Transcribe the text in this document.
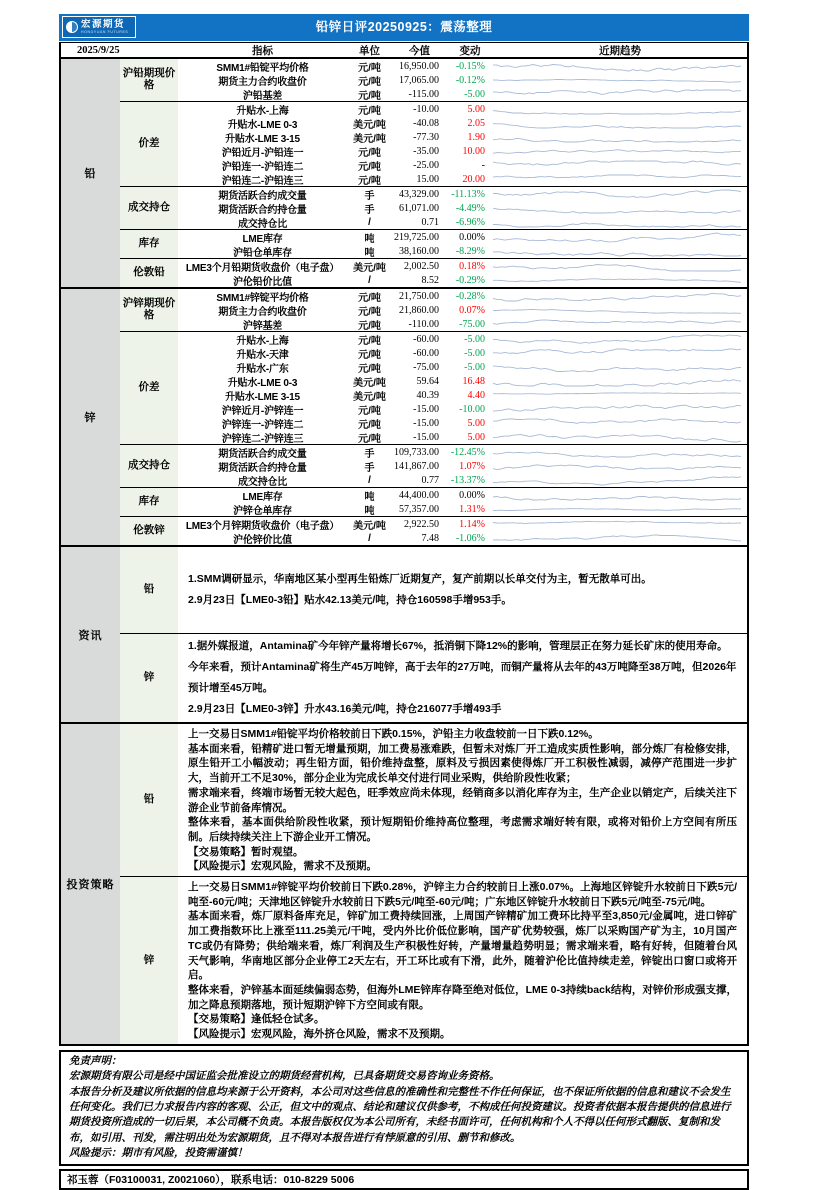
宏源期货
HONGYUAN FUTURES	铅锌日评20250925：震荡整理
2025/9/25	指标	单位	今值	变动	近期趋势
铅
沪铅期现价格
SMM1#铅锭平均价格	元/吨	16,950.00	-0.15%
期货主力合约收盘价	元/吨	17,065.00	-0.12%
沪铅基差	元/吨	-115.00	-5.00
价差
升贴水-上海	元/吨	-10.00	5.00
升贴水-LME 0-3	美元/吨	-40.08	2.05
升贴水-LME 3-15	美元/吨	-77.30	1.90
沪铅近月-沪铅连一	元/吨	-35.00	10.00
沪铅连一-沪铅连二	元/吨	-25.00	-
沪铅连二-沪铅连三	元/吨	15.00	20.00
成交持仓
期货活跃合约成交量	手	43,329.00	-11.13%
期货活跃合约持仓量	手	61,071.00	-4.49%
成交持仓比	/	0.71	-6.96%
库存	LME库存	吨	219,725.00	0.00%
沪铅仓单库存	吨	38,160.00	-8.29%
伦敦铅	LME3个月铅期货收盘价（电子盘）	美元/吨	2,002.50	0.18%
沪伦铅价比值	/	8.52	-0.29%
锌
沪锌期现价格
SMM1#锌锭平均价格	元/吨	21,750.00	-0.28%
期货主力合约收盘价	元/吨	21,860.00	0.07%
沪锌基差	元/吨	-110.00	-75.00
价差
升贴水-上海	元/吨	-60.00	-5.00
升贴水-天津	元/吨	-60.00	-5.00
升贴水-广东	元/吨	-75.00	-5.00
升贴水-LME 0-3	美元/吨	59.64	16.48
升贴水-LME 3-15	美元/吨	40.39	4.40
沪锌近月-沪锌连一	元/吨	-15.00	-10.00
沪锌连一-沪锌连二	元/吨	-15.00	5.00
沪锌连二-沪锌连三	元/吨	-15.00	5.00
成交持仓
期货活跃合约成交量	手	109,733.00	-12.45%
期货活跃合约持仓量	手	141,867.00	1.07%
成交持仓比	/	0.77	-13.37%
库存	LME库存	吨	44,400.00	0.00%
沪锌仓单库存	吨	57,357.00	1.31%
伦敦锌	LME3个月锌期货收盘价（电子盘）	美元/吨	2,922.50	1.14%
沪伦锌价比值	/	7.48	-1.06%
资讯
铅
1.SMM调研显示，华南地区某小型再生铅炼厂近期复产，复产前期以长单交付为主，暂无散单可出。
2.9月23日【LME0-3铅】贴水42.13美元/吨，持仓160598手增953手。
锌
1.据外媒报道，Antamina矿今年锌产量将增长67%，抵消铜下降12%的影响，管理层正在努力延长矿床的使用寿命。今年来看，预计Antamina矿将生产45万吨锌，高于去年的27万吨，而铜产量将从去年的43万吨降至38万吨，但2026年预计增至45万吨。
2.9月23日【LME0-3锌】升水43.16美元/吨，持仓216077手增493手
投资策略
铅
上一交易日SMM1#铅锭平均价格较前日下跌0.15%，沪铅主力收盘较前一日下跌0.12%。
基本面来看，铅精矿进口暂无增量预期，加工费易涨难跌，但暂未对炼厂开工造成实质性影响，部分炼厂有检修安排，原生铅开工小幅波动；再生铅方面，铅价维持盘整，原料及亏损因素使得炼厂开工积极性减弱，减停产范围进一步扩大，当前开工不足30%，部分企业为完成长单交付进行同业采购，供给阶段性收紧；
需求端来看，终端市场暂无较大起色，旺季效应尚未体现，经销商多以消化库存为主，生产企业以销定产，后续关注下游企业节前备库情况。
整体来看，基本面供给阶段性收紧，预计短期铅价维持高位整理，考虑需求端好转有限，或将对铅价上方空间有所压制。后续持续关注上下游企业开工情况。
【交易策略】暂时观望。
【风险提示】宏观风险，需求不及预期。
锌
上一交易日SMM1#锌锭平均价较前日下跌0.28%，沪锌主力合约较前日上涨0.07%。上海地区锌锭升水较前日下跌5元/吨至-60元/吨；天津地区锌锭升水较前日下跌5元/吨至-60元/吨；广东地区锌锭升水较前日下跌5元/吨至-75元/吨。
基本面来看，炼厂原料备库充足，锌矿加工费持续回涨，上周国产锌精矿加工费环比持平至3,850元/金属吨，进口锌矿加工费指数环比上涨至111.25美元/干吨，受内外比价低位影响，国产矿优势较强，炼厂以采购国产矿为主，10月国产TC或仍有降势；供给端来看，炼厂利润及生产积极性好转，产量增量趋势明显；需求端来看，略有好转，但随着台风天气影响，华南地区部分企业停工2天左右，开工环比或有下滑，此外，随着沪伦比值持续走差，锌锭出口窗口或将开启。
整体来看，沪锌基本面延续偏弱态势，但海外LME锌库存降至绝对低位，LME 0-3持续back结构，对锌价形成强支撑，加之降息预期落地，预计短期沪锌下方空间或有限。
【交易策略】逢低轻仓试多。
【风险提示】宏观风险，海外挤仓风险，需求不及预期。
免责声明：
宏源期货有限公司是经中国证监会批准设立的期货经营机构，已具备期货交易咨询业务资格。
本报告分析及建议所依据的信息均来源于公开资料，本公司对这些信息的准确性和完整性不作任何保证，也不保证所依据的信息和建议不会发生任何变化。我们已力求报告内容的客观、公正，但文中的观点、结论和建议仅供参考，不构成任何投资建议。投资者依据本报告提供的信息进行期货投资所造成的一切后果，本公司概不负责。本报告版权仅为本公司所有，未经书面许可，任何机构和个人不得以任何形式翻版、复制和发布，如引用、刊发，需注明出处为宏源期货，且不得对本报告进行有悖原意的引用、删节和修改。
风险提示：期市有风险，投资需谨慎！
祁玉蓉（F03100031, Z0021060），联系电话：010-8229 5006
